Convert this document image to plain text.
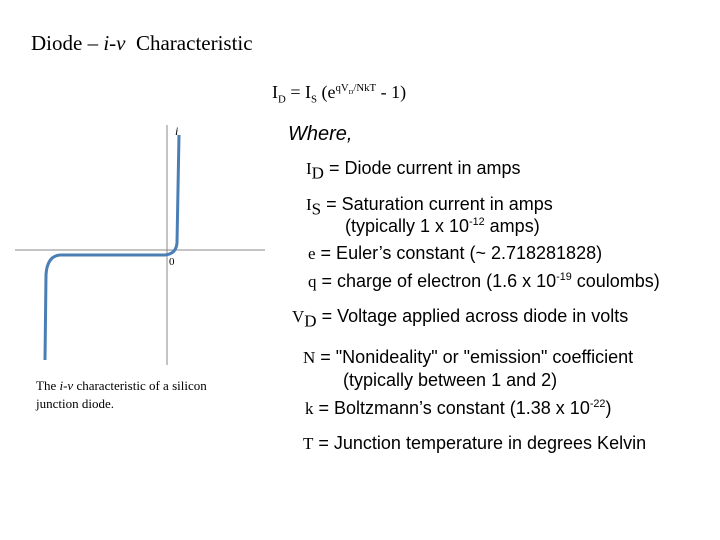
Diode – i-v  Characteristic
$I_D = I_S$ $(e^{qV_D/NkT} - 1)$
Where,
$I_D$ = Diode current in amps
$I_S$ = Saturation current in amps
(typically 1 x $10^{-12}$ amps)
e = Euler’s constant (~ 2.718281828)
q = charge of electron (1.6 x $10^{-19}$ coulombs)
$V_D$ = Voltage applied across diode in volts
N = "Nonideality" or "emission" coefficient
(typically between 1 and 2)
k = Boltzmann’s constant (1.38 x $10^{-22}$)
T = Junction temperature in degrees Kelvin
i
0
The i-v characteristic of a silicon
junction diode.
